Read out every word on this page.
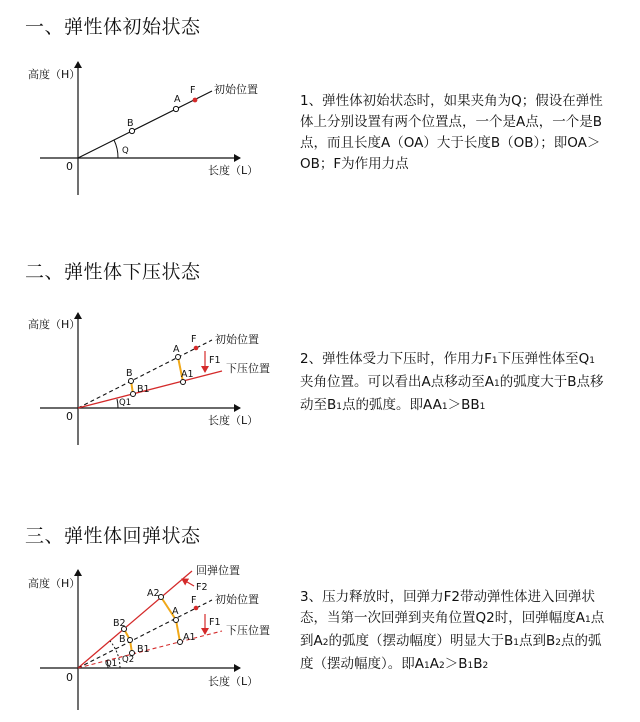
一、弹性体初始状态
高度（H）
长度（L）
0
初始位置
Q
B
A
F
1、弹性体初始状态时，如果夹角为Q；假设在弹性体上分别设置有两个位置点，一个是A点，一个是B点，而且长度A（OA）大于长度B（OB）；即OA＞OB；F为作用力点
二、弹性体下压状态
高度（H）
长度（L）
0
初始位置
下压位置
F
A
B	A1
B1
Q1
F1	2、弹性体受力下压时，作用力F1下压弹性体至Q1夹角位置。可以看出A点移动至A1的弧度大于B点移动至B1点的弧度。即AA1＞BB1
三、弹性体回弹状态
高度（H）
长度（L）
0
回弹位置
初始位置
下压位置
A2
A
A1
B2
B
B1
F
F2
F1
Q1 Q2
3、压力释放时，回弹力F2带动弹性体进入回弹状态，当第一次回弹到夹角位置Q2时，回弹幅度A1点到A2的弧度（摆动幅度）明显大于B1点到B2点的弧度（摆动幅度）。即A1A2＞B1B2
